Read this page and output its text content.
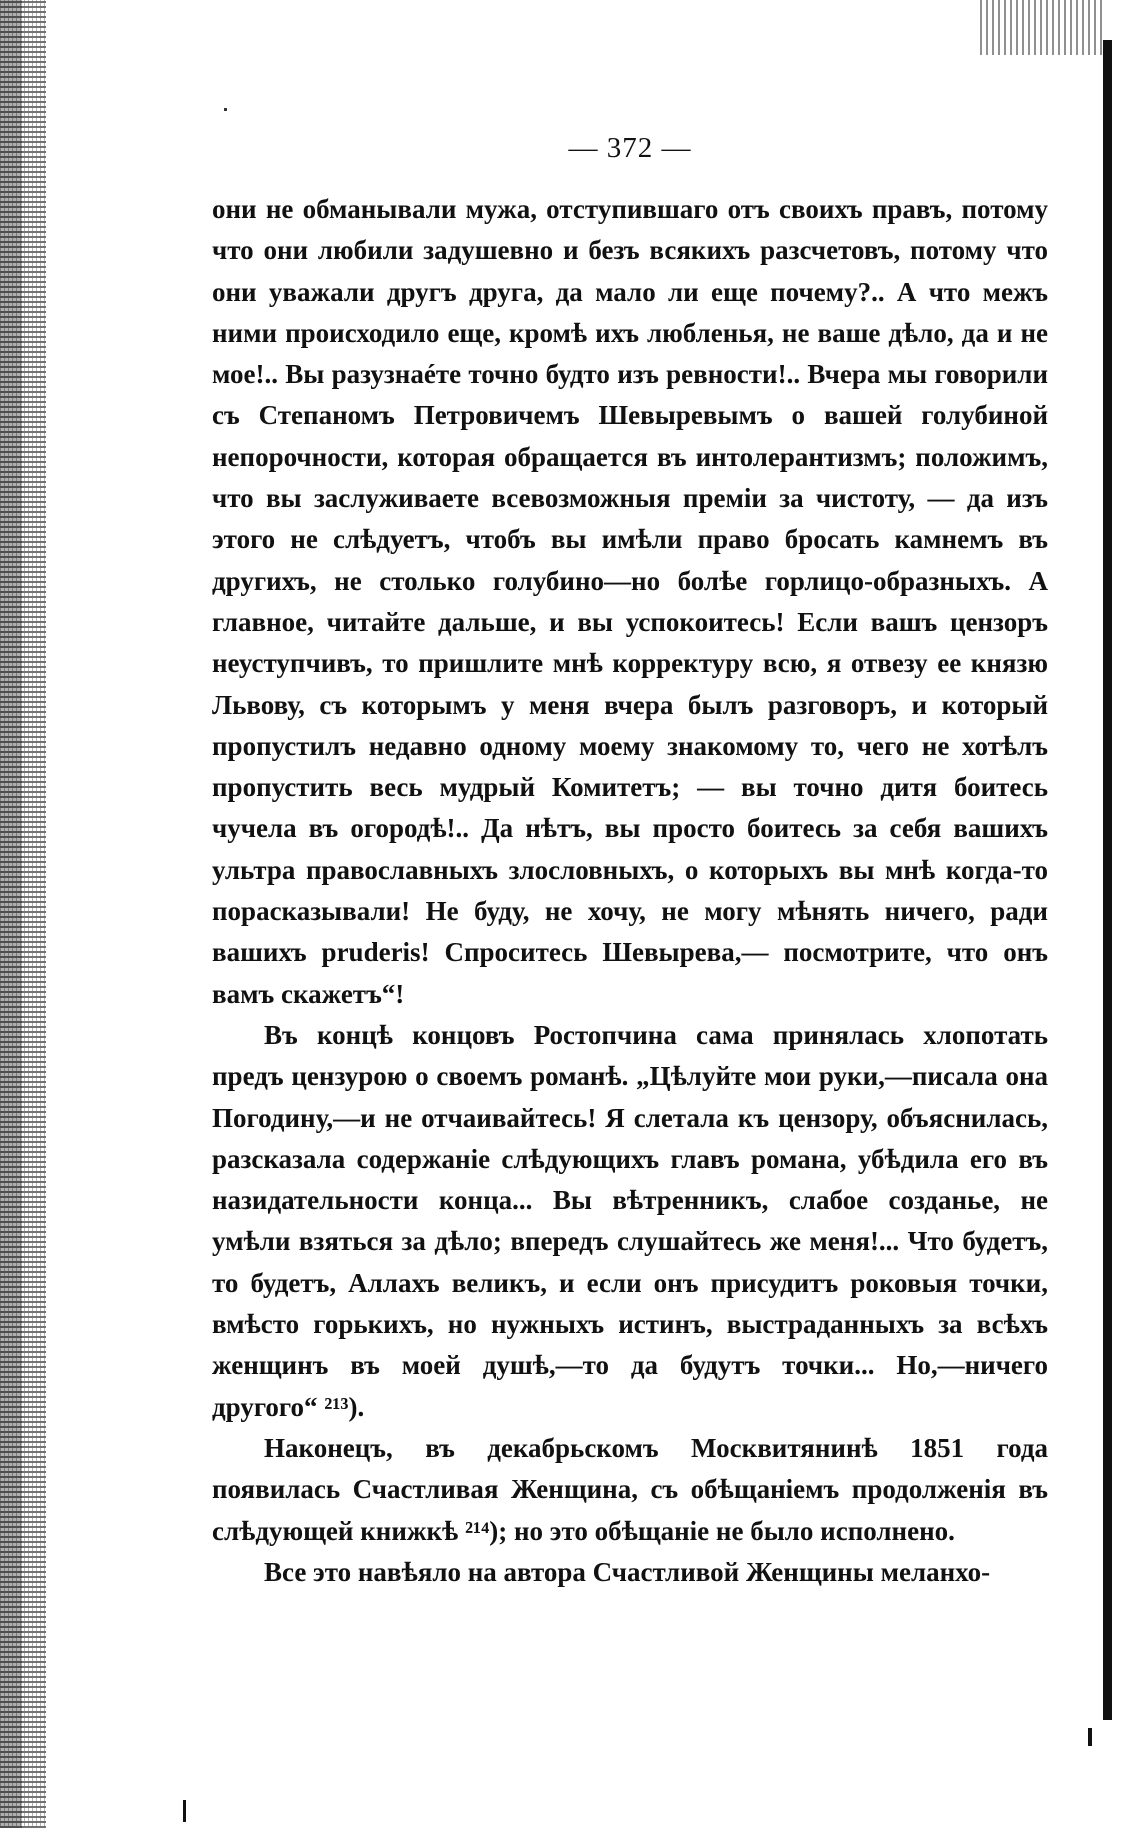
— 372 —

они не обманывали мужа, отступившаго отъ своихъ правъ, потому что они любили задушевно и безъ всякихъ разсчетовъ, потому что они уважали другъ друга, да мало ли еще почему?.. А что межъ ними происходило еще, кромѣ ихъ любленья, не ваше дѣло, да и не мое!.. Вы разузнаéте точно будто изъ ревности!.. Вчера мы говорили съ Степаномъ Петровичемъ Шевыревымъ о вашей голубиной непорочности, которая обращается въ интолерантизмъ; положимъ, что вы заслуживаете всевозможныя преміи за чистоту, — да изъ этого не слѣдуетъ, чтобъ вы имѣли право бросать камнемъ въ другихъ, не столько голубино—но болѣе горлицо-образныхъ. А главное, читайте дальше, и вы успокоитесь! Если вашъ цензоръ неуступчивъ, то пришлите мнѣ корректуру всю, я отвезу ее князю Львову, съ которымъ у меня вчера былъ разговоръ, и который пропустилъ недавно одному моему знакомому то, чего не хотѣлъ пропустить весь мудрый Комитетъ; — вы точно дитя боитесь чучела въ огородѣ!.. Да нѣтъ, вы просто боитесь за себя вашихъ ультра православныхъ злословныхъ, о которыхъ вы мнѣ когда-то порасказывали! Не буду, не хочу, не могу мѣнять ничего, ради вашихъ pruderis! Спроситесь Шевырева,— посмотрите, что онъ вамъ скажетъ“!

Въ концѣ концовъ Ростопчина сама принялась хлопотать предъ цензурою о своемъ романѣ. „Цѣлуйте мои руки,—писала она Погодину,—и не отчаивайтесь! Я слетала къ цензору, объяснилась, разсказала содержаніе слѣдующихъ главъ романа, убѣдила его въ назидательности конца... Вы вѣтренникъ, слабое созданье, не умѣли взяться за дѣло; впередъ слушайтесь же меня!... Что будетъ, то будетъ, Аллахъ великъ, и если онъ присудитъ роковыя точки, вмѣсто горькихъ, но нужныхъ истинъ, выстраданныхъ за всѣхъ женщинъ въ моей душѣ,—то да будутъ точки... Но,—ничего другого“ ²¹³).

Наконецъ, въ декабрьскомъ Москвитянинѣ 1851 года появилась Счастливая Женщина, съ обѣщаніемъ продолженія въ слѣдующей книжкѣ ²¹⁴); но это обѣщаніе не было исполнено.

Все это навѣяло на автора Счастливой Женщины меланхо-
